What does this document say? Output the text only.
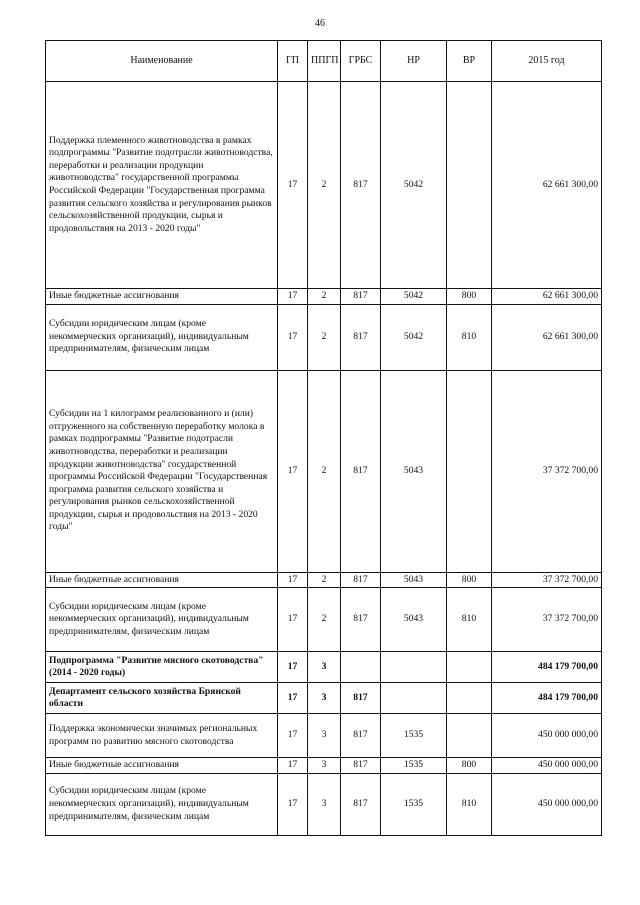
46
Наименование	ГП	ППГП	ГРБС	НР	ВР	2015 год
Поддержка племенного животноводства в рамках подпрограммы "Развитие подотрасли животноводства, переработки и реализации продукции животноводства" государственной программы Российской Федерации "Государственная программа развития сельского хозяйства и регулирования рынков сельскохозяйственной продукции, сырья и продовольствия на 2013 - 2020 годы"	17	2	817	5042		62 661 300,00
Иные бюджетные ассигнования	17	2	817	5042	800	62 661 300,00
Субсидии юридическим лицам (кроме некоммерческих организаций), индивидуальным предпринимателям, физическим лицам	17	2	817	5042	810	62 661 300,00
Субсидии на 1 килограмм реализованного и (или) отгруженного на собственную переработку молока в рамках подпрограммы "Развитие подотрасли животноводства, переработки и реализации продукции животноводства" государственной программы Российской Федерации "Государственная программа развития сельского хозяйства и регулирования рынков сельскохозяйственной продукции, сырья и продовольствия на 2013 - 2020 годы"	17	2	817	5043		37 372 700,00
Иные бюджетные ассигнования	17	2	817	5043	800	37 372 700,00
Субсидии юридическим лицам (кроме некоммерческих организаций), индивидуальным предпринимателям, физическим лицам	17	2	817	5043	810	37 372 700,00
Подпрограмма "Развитие мясного скотоводства" (2014 - 2020 годы)	17	3				484 179 700,00
Департамент сельского хозяйства Брянской области	17	3	817			484 179 700,00
Поддержка экономически значимых региональных программ по развитию мясного скотоводства	17	3	817	1535		450 000 000,00
Иные бюджетные ассигнования	17	3	817	1535	800	450 000 000,00
Субсидии юридическим лицам (кроме некоммерческих организаций), индивидуальным предпринимателям, физическим лицам	17	3	817	1535	810	450 000 000,00
